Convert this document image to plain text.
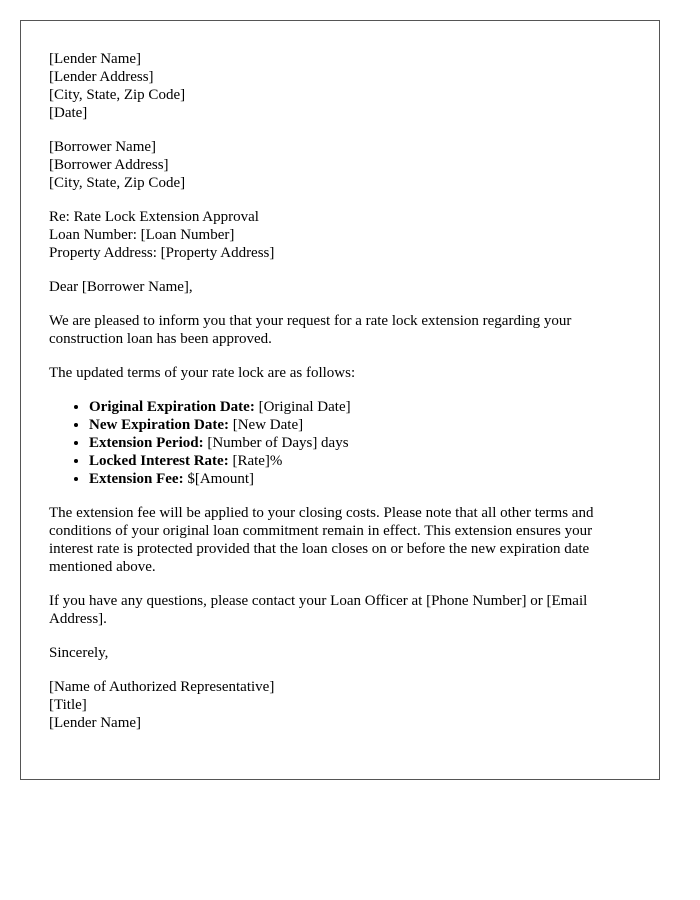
[Lender Name]
[Lender Address]
[City, State, Zip Code]
[Date]
[Borrower Name]
[Borrower Address]
[City, State, Zip Code]
Re: Rate Lock Extension Approval
Loan Number: [Loan Number]
Property Address: [Property Address]

Dear [Borrower Name],

We are pleased to inform you that your request for a rate lock extension regarding your construction loan has been approved.

The updated terms of your rate lock are as follows:

• Original Expiration Date: [Original Date]
• New Expiration Date: [New Date]
• Extension Period: [Number of Days] days
• Locked Interest Rate: [Rate]%
• Extension Fee: $[Amount]

The extension fee will be applied to your closing costs. Please note that all other terms and conditions of your original loan commitment remain in effect. This extension ensures your interest rate is protected provided that the loan closes on or before the new expiration date mentioned above.

If you have any questions, please contact your Loan Officer at [Phone Number] or [Email Address].

Sincerely,

[Name of Authorized Representative]
[Title]
[Lender Name]
